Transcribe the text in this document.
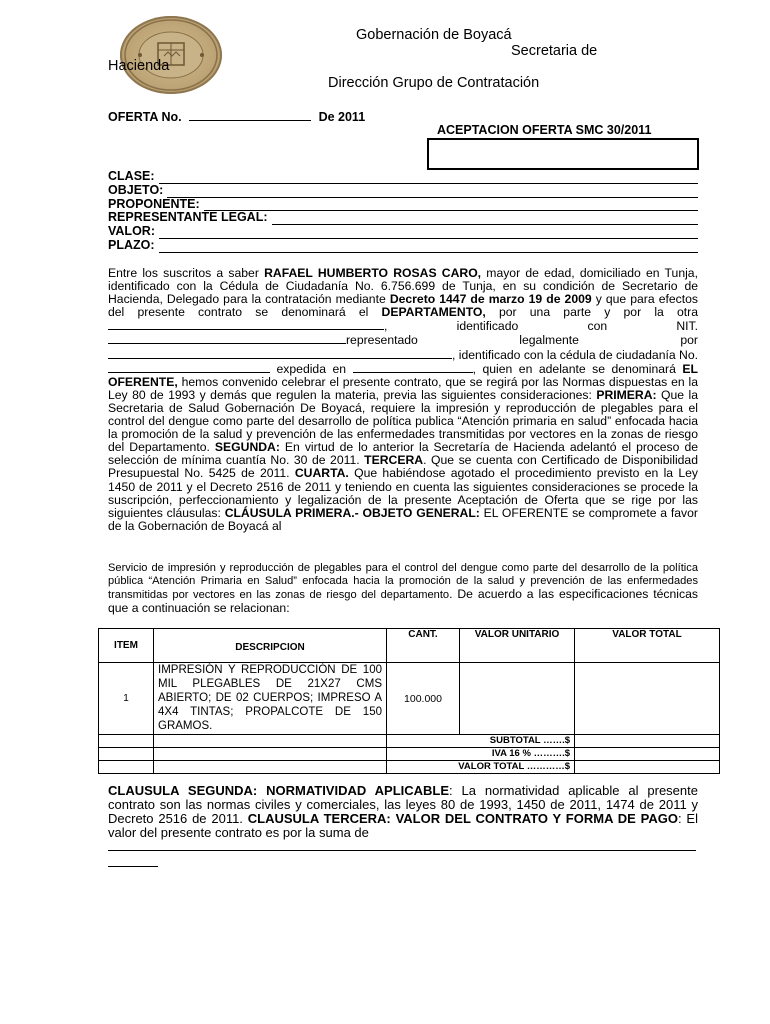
Gobernación de Boyacá
Secretaria de
Hacienda
Dirección Grupo de Contratación
OFERTA No.	De 2011
ACEPTACION OFERTA SMC 30/2011
CLASE:
OBJETO:
PROPONENTE:
REPRESENTANTE LEGAL:
VALOR:
PLAZO:
Entre los suscritos a saber RAFAEL HUMBERTO ROSAS CARO, mayor de edad, domiciliado en Tunja, identificado con la Cédula de Ciudadanía No. 6.756.699 de Tunja, en su condición de Secretario de Hacienda, Delegado para la contratación mediante Decreto 1447 de marzo 19 de 2009 y que para efectos del presente contrato se denominará el DEPARTAMENTO, por una parte y por la otra , identificado con NIT. representado legalmente por , identificado con la cédula de ciudadanía No.  expedida en	, quien en adelante se denominará EL OFERENTE, hemos convenido celebrar el presente contrato, que se regirá por las Normas dispuestas en la Ley 80 de 1993 y demás que regulen la materia, previa las siguientes consideraciones: PRIMERA: Que la Secretaria de Salud Gobernación De Boyacá, requiere la impresión y reproducción de plegables para el control del dengue como parte del desarrollo de política publica “Atención primaria en salud” enfocada hacia la promoción de la salud y prevención de las enfermedades transmitidas por vectores en la zonas de riesgo del Departamento. SEGUNDA: En virtud de lo anterior la Secretaría de Hacienda adelantó el proceso de selección de mínima cuantía No. 30 de 2011. TERCERA. Que se cuenta con Certificado de Disponibilidad Presupuestal No. 5425 de 2011. CUARTA. Que habiéndose agotado el procedimiento previsto en la Ley 1450 de 2011 y el Decreto 2516 de 2011 y teniendo en cuenta las siguientes consideraciones se procede la suscripción, perfeccionamiento y legalización de la presente Aceptación de Oferta que se rige por las siguientes cláusulas: CLÁUSULA PRIMERA.- OBJETO GENERAL: EL OFERENTE se compromete a favor de la Gobernación de Boyacá al
Servicio de impresión y reproducción de plegables para el control del dengue como parte del desarrollo de la política pública “Atención Primaria en Salud” enfocada hacia la promoción de la salud y prevención de las enfermedades transmitidas por vectores en las zonas de riesgo del departamento. De acuerdo a las especificaciones técnicas que a continuación se relacionan:
ITEM	DESCRIPCION	CANT.	VALOR UNITARIO	VALOR TOTAL
1	IMPRESIÓN Y REPRODUCCIÓN DE 100 MIL PLEGABLES DE 21X27 CMS ABIERTO; DE 02 CUERPOS; IMPRESO A 4X4 TINTAS; PROPALCOTE DE 150 GRAMOS.	100.000		
		SUBTOTAL …….$		
		IVA 16 % ……….$		
		VALOR TOTAL …………$		
CLAUSULA SEGUNDA: NORMATIVIDAD APLICABLE: La normatividad aplicable al presente contrato son las normas civiles y comerciales, las leyes 80 de 1993, 1450 de 2011, 1474 de 2011 y Decreto 2516 de 2011. CLAUSULA TERCERA: VALOR DEL CONTRATO Y FORMA DE PAGO: El valor del presente contrato es por la suma de
